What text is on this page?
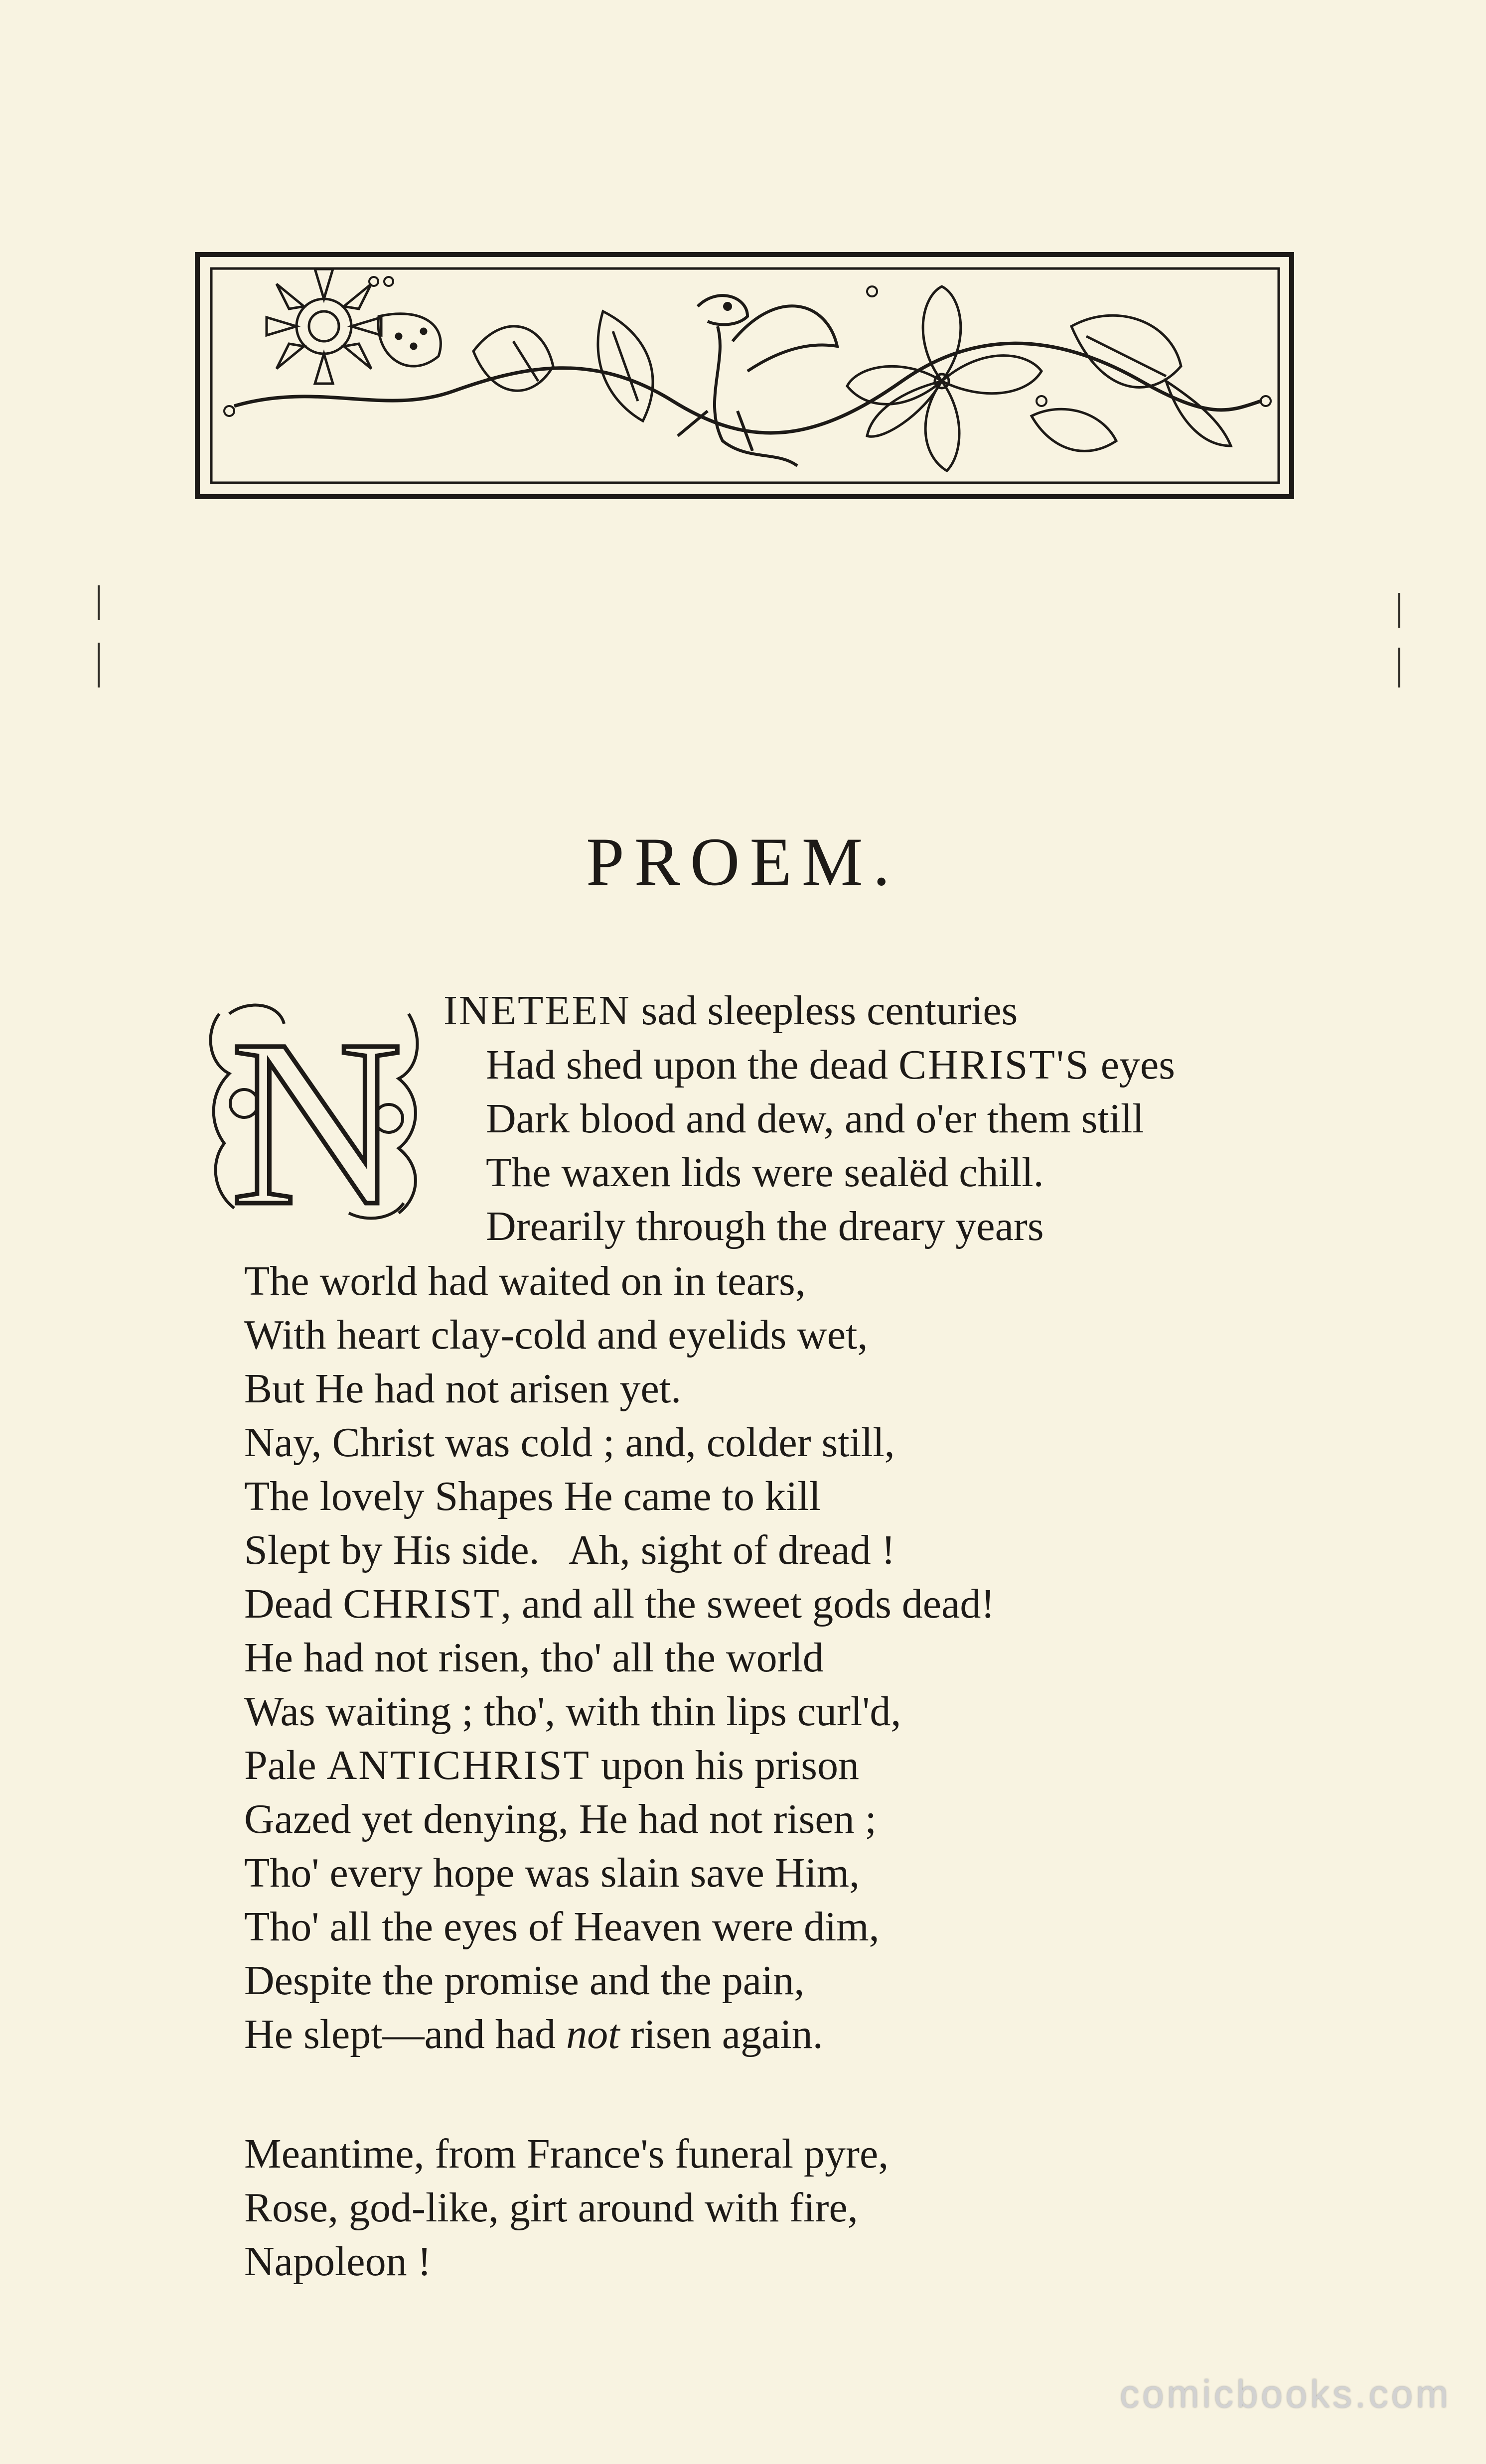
PROEM.
N INETEEN sad sleepless centuries
Had shed upon the dead CHRIST'S eyes
Dark blood and dew, and o'er them still
The waxen lids were sealëd chill.
Drearily through the dreary years
The world had waited on in tears,
With heart clay-cold and eyelids wet,
But He had not arisen yet.
Nay, Christ was cold ; and, colder still,
The lovely Shapes He came to kill
Slept by His side.   Ah, sight of dread !
Dead CHRIST, and all the sweet gods dead!
He had not risen, tho' all the world
Was waiting ; tho', with thin lips curl'd,
Pale ANTICHRIST upon his prison
Gazed yet denying, He had not risen ;
Tho' every hope was slain save Him,
Tho' all the eyes of Heaven were dim,
Despite the promise and the pain,
He slept—and had not risen again.
Meantime, from France's funeral pyre,
Rose, god-like, girt around with fire,
Napoleon !
comicbooks.com
